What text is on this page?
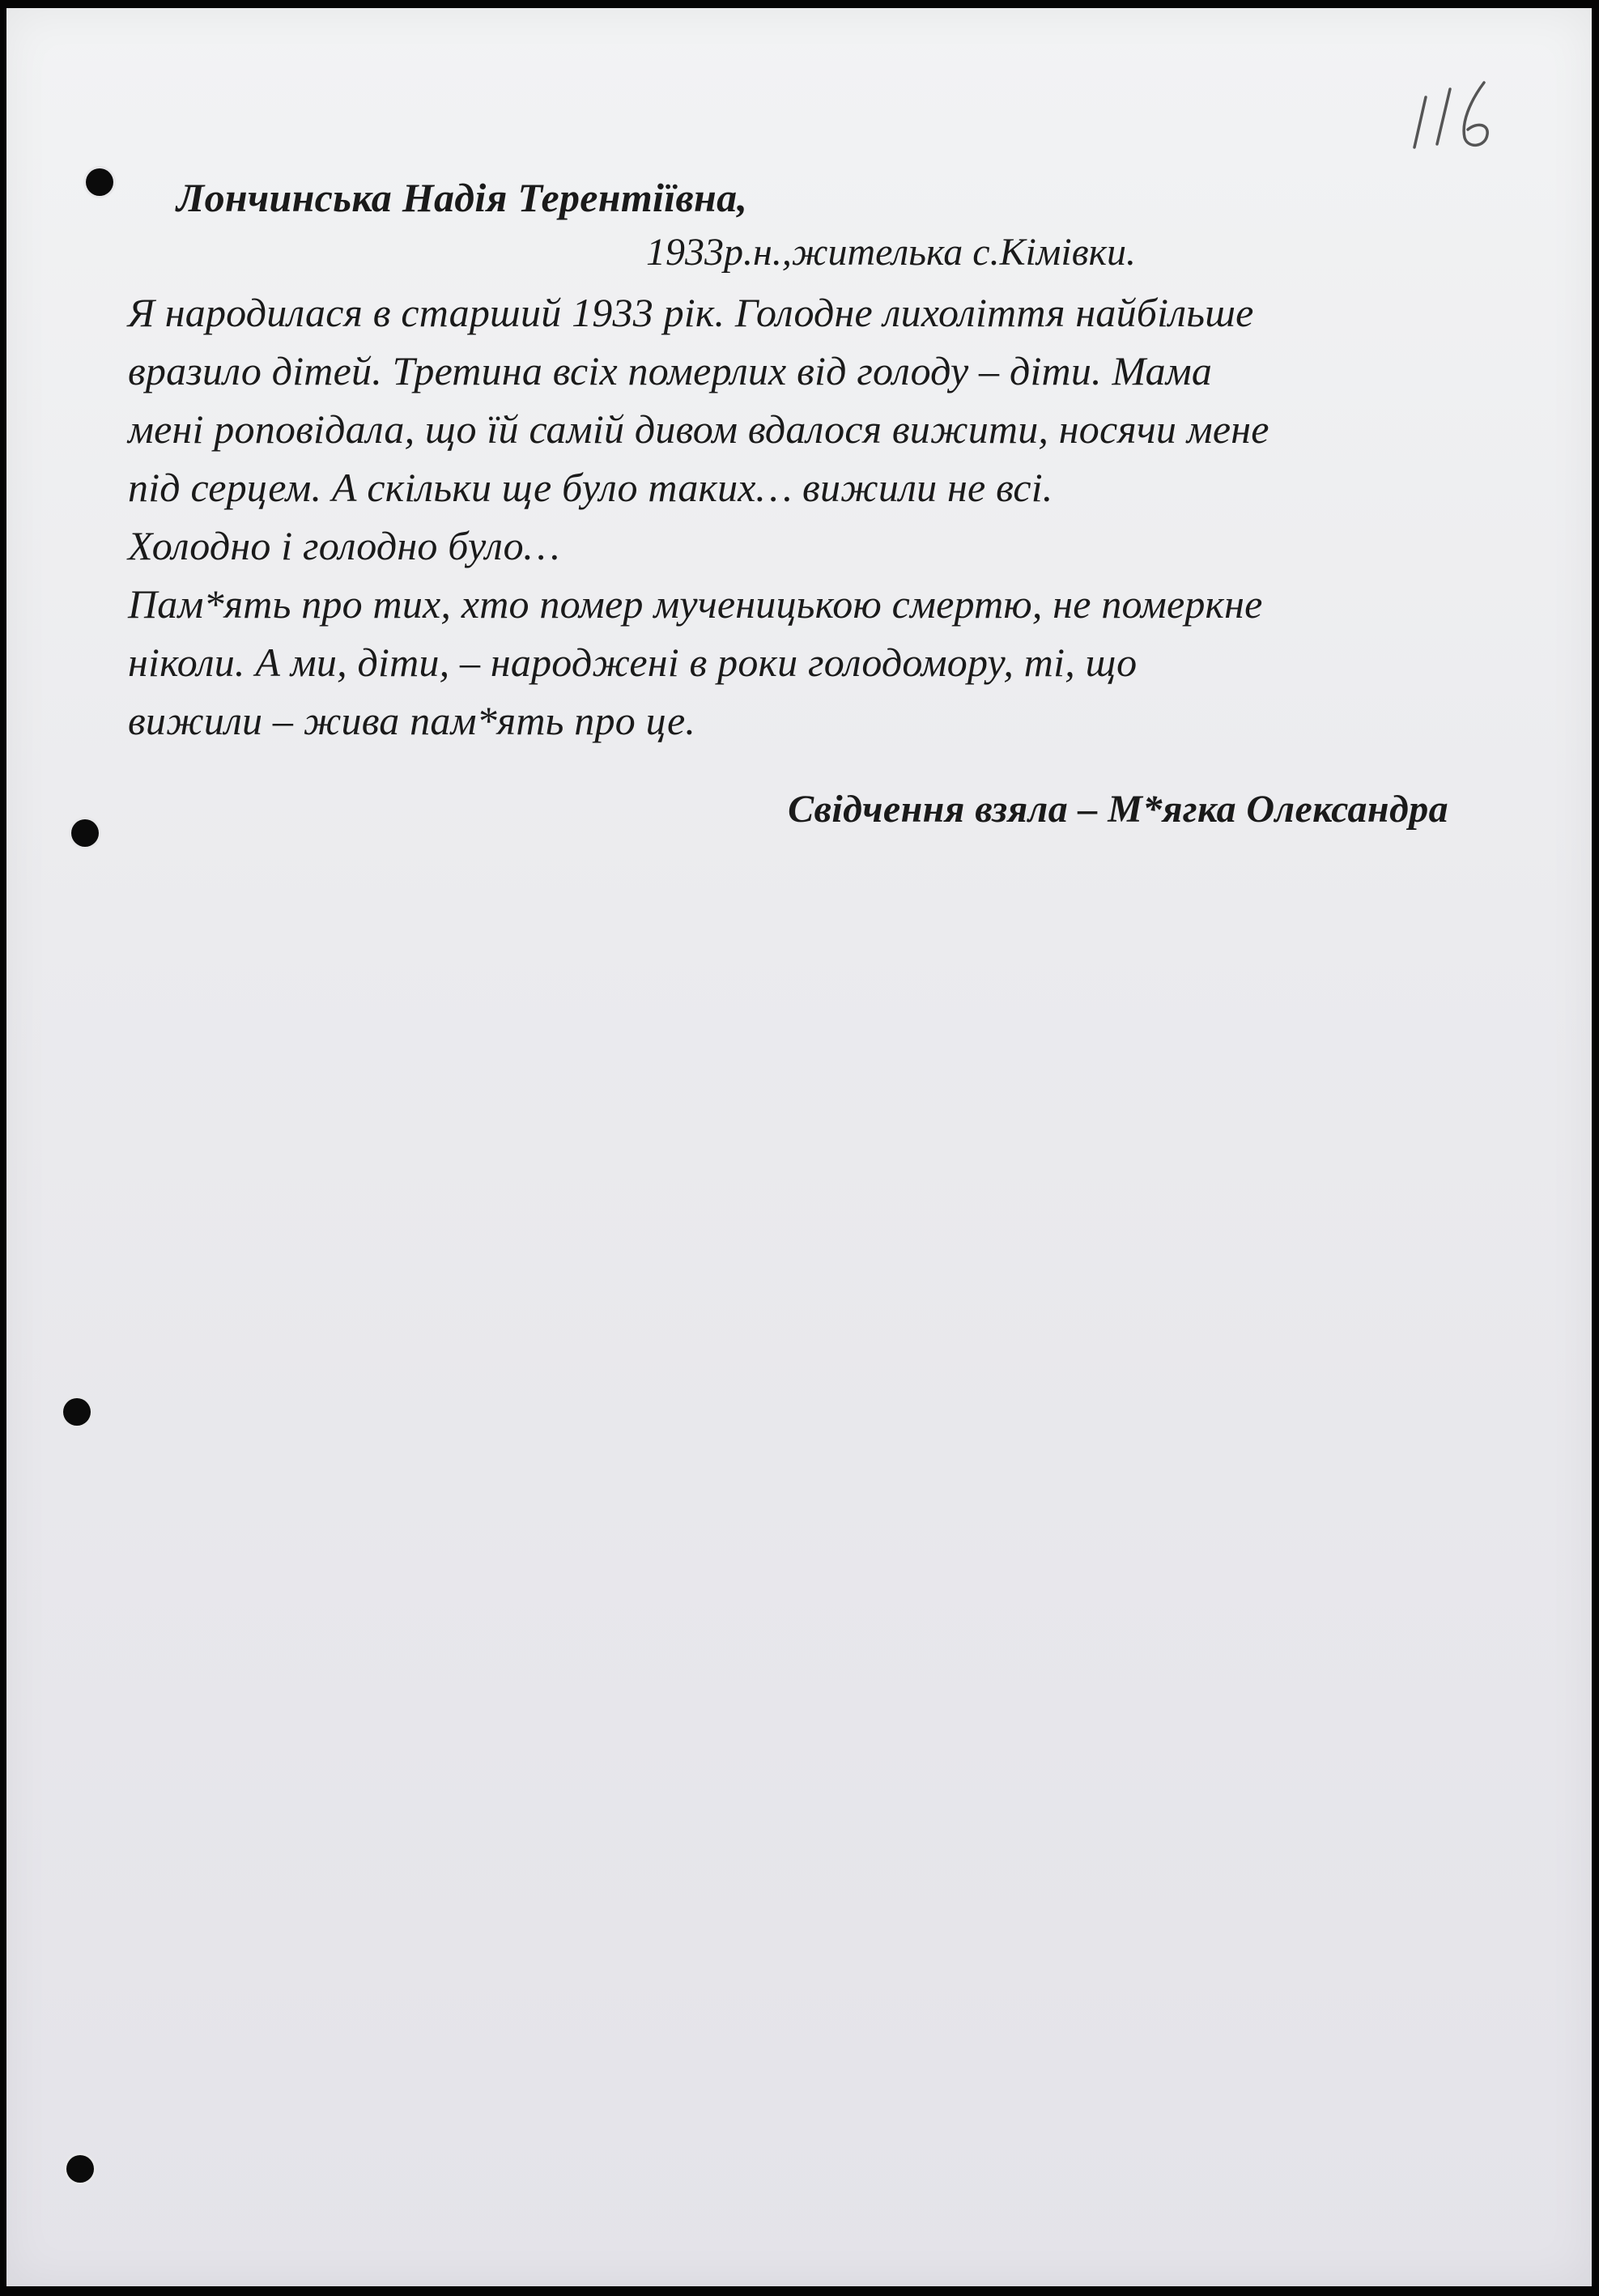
Лончинська Надія Терентіївна,
1933р.н.,жителька с.Кімівки.
Я народилася в старший 1933 рік. Голодне лихоліття найбільше
вразило дітей. Третина всіх померлих від голоду – діти. Мама
мені роповідала, що їй самій дивом вдалося вижити, носячи мене
під серцем. А скільки ще було таких… вижили не всі.
Холодно і голодно було…
Пам*ять про тих, хто помер мученицькою смертю, не померкне
ніколи. А ми, діти, – народжені в роки голодомору, ті, що
вижили – жива пам*ять про це.
Свідчення взяла – М*ягка Олександра
